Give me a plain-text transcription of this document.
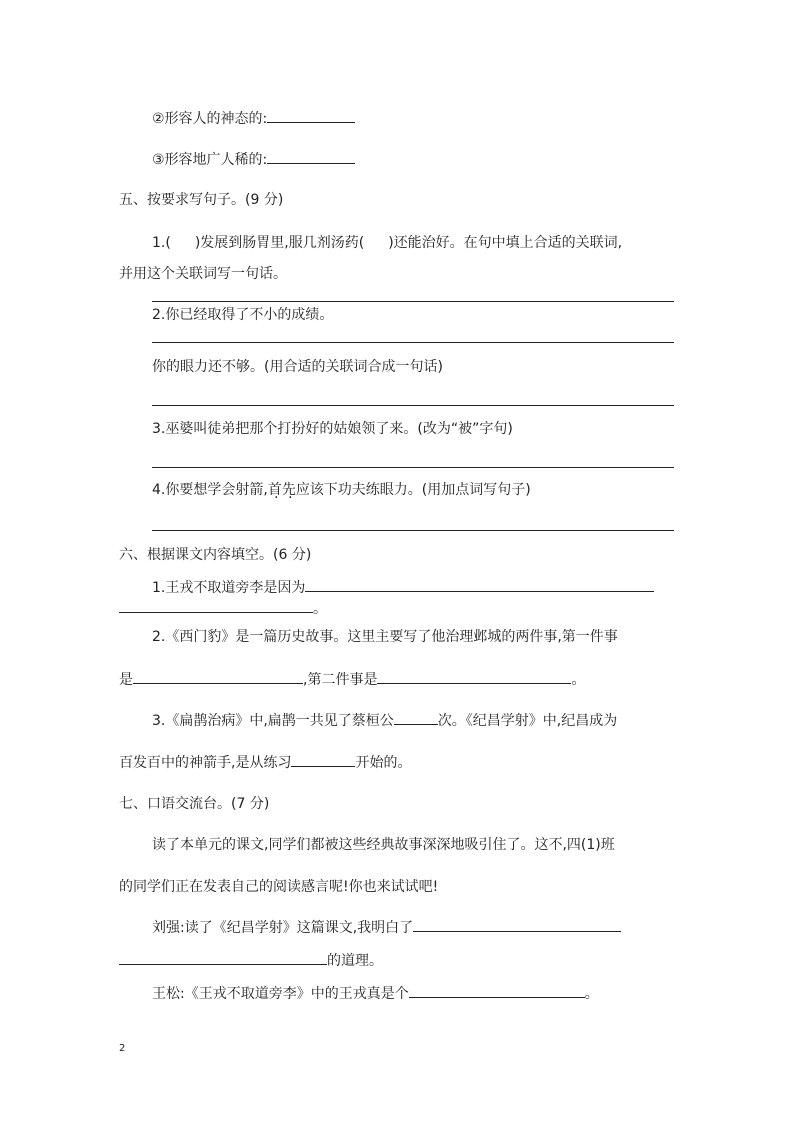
②形容人的神态的:
③形容地广人稀的:
五、按要求写句子。(9 分)
1.( )发展到肠胃里,服几剂汤药( )还能治好。在句中填上合适的关联词,
并用这个关联词写一句话。
2.你已经取得了不小的成绩。
你的眼力还不够。(用合适的关联词合成一句话)
3.巫婆叫徒弟把那个打扮好的姑娘领了来。(改为“被”字句)
4.你要想学会射箭,首先应该下功夫练眼力。(用加点词写句子)
六、根据课文内容填空。(6 分)
1.王戎不取道旁李是因为
。
2.《西门豹》是一篇历史故事。这里主要写了他治理邺城的两件事,第一件事
是	,第二件事是	。
3.《扁鹊治病》中,扁鹊一共见了蔡桓公	次。《纪昌学射》中,纪昌成为
百发百中的神箭手,是从练习	开始的。
七、口语交流台。(7 分)
读了本单元的课文,同学们都被这些经典故事深深地吸引住了。这不,四(1)班
的同学们正在发表自己的阅读感言呢!你也来试试吧!
刘强:读了《纪昌学射》这篇课文,我明白了
的道理。
王松:《王戎不取道旁李》中的王戎真是个	。
2
